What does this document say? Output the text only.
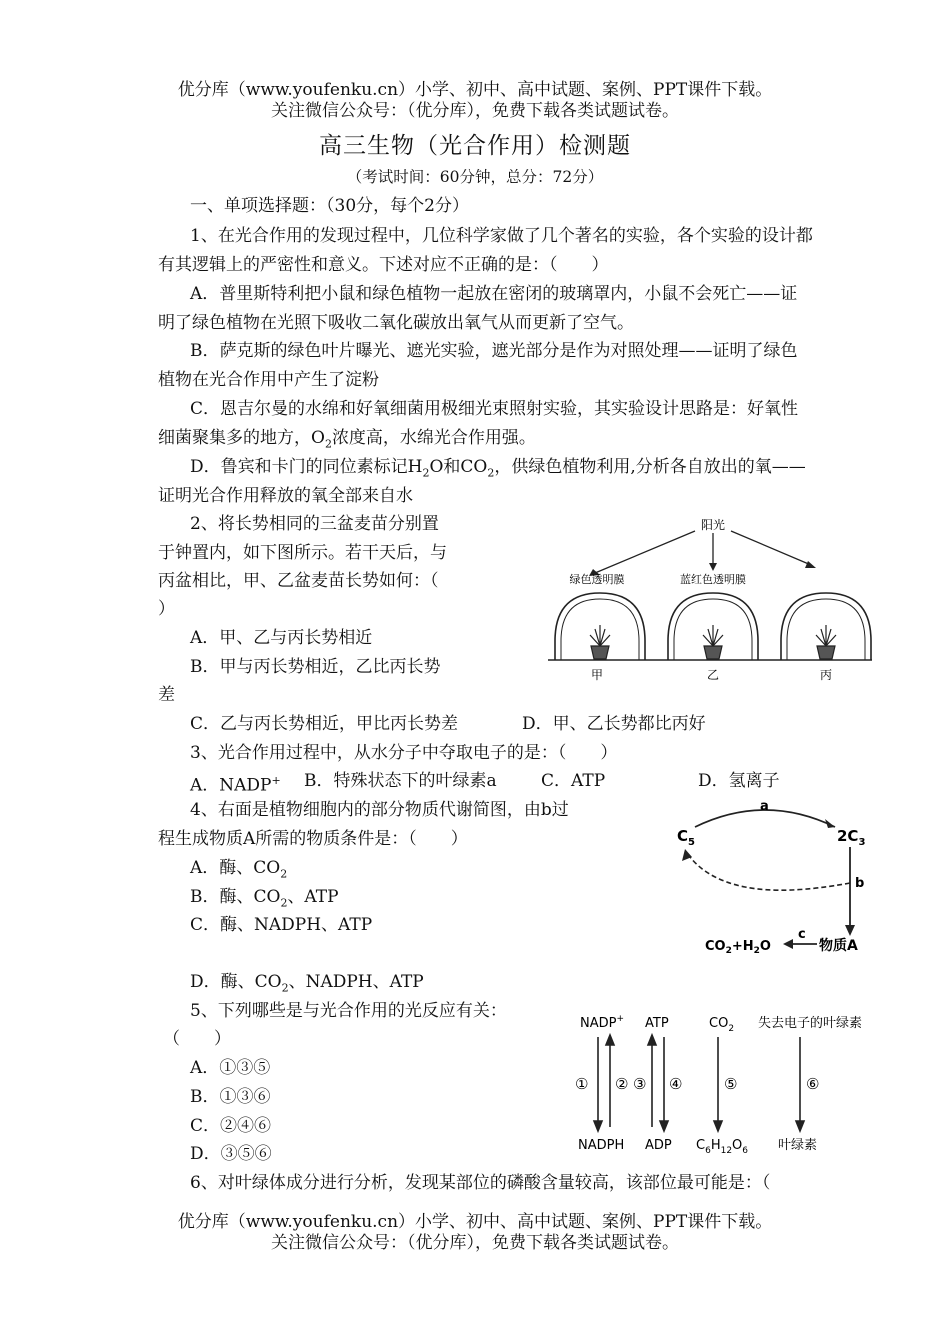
优分库（www.youfenku.cn）小学、初中、高中试题、案例、PPT课件下载。
关注微信公众号：（优分库），免费下载各类试题试卷。
高三生物（光合作用）检测题
（考试时间：60分钟，总分：72分）
一、单项选择题：（30分，每个2分）
1、在光合作用的发现过程中，几位科学家做了几个著名的实验，各个实验的设计都
有其逻辑上的严密性和意义。下述对应不正确的是：（　　）
A．普里斯特利把小鼠和绿色植物一起放在密闭的玻璃罩内，小鼠不会死亡——证
明了绿色植物在光照下吸收二氧化碳放出氧气从而更新了空气。
B．萨克斯的绿色叶片曝光、遮光实验，遮光部分是作为对照处理——证明了绿色
植物在光合作用中产生了淀粉
C．恩吉尔曼的水绵和好氧细菌用极细光束照射实验，其实验设计思路是：好氧性
细菌聚集多的地方，$O_2$浓度高，水绵光合作用强。
D．鲁宾和卡门的同位素标记$H_2O$和$CO_2$，供绿色植物利用,分析各自放出的氧——
证明光合作用释放的氧全部来自水
2、将长势相同的三盆麦苗分别置
于钟置内，如下图所示。若干天后，与
丙盆相比，甲、乙盆麦苗长势如何：（
）
A．甲、乙与丙长势相近
B．甲与丙长势相近，乙比丙长势
差
C．乙与丙长势相近，甲比丙长势差	D．甲、乙长势都比丙好
阳光
绿色透明膜	蓝红色透明膜
甲	乙	丙
3、光合作用过程中，从水分子中夺取电子的是：（　　）
A．NADP+ B．特殊状态下的叶绿素a	C．ATP	D．氢离子
4、右面是植物细胞内的部分物质代谢简图，由b过
程生成物质A所需的物质条件是：（　　）
A．酶、$CO_2$
B．酶、$CO_2$、ATP
C．酶、NADPH、ATP
D．酶、$CO_2$、NADPH、ATP
$C_5$	$2C_3$
a
b
$CO_2+H_2O$
c
物质A
5、下列哪些是与光合作用的光反应有关：
（　　）
A．①③⑤
B．①③⑥
C．②④⑥
D．③⑤⑥
NADP+ ATP	$CO_2$ 失去电子的叶绿素
① ② ③ ④	⑤	⑥
NADPH ADP $C_6H_{12}O_6$ 叶绿素
6、对叶绿体成分进行分析，发现某部位的磷酸含量较高，该部位最可能是：（
优分库（www.youfenku.cn）小学、初中、高中试题、案例、PPT课件下载。
关注微信公众号：（优分库），免费下载各类试题试卷。
